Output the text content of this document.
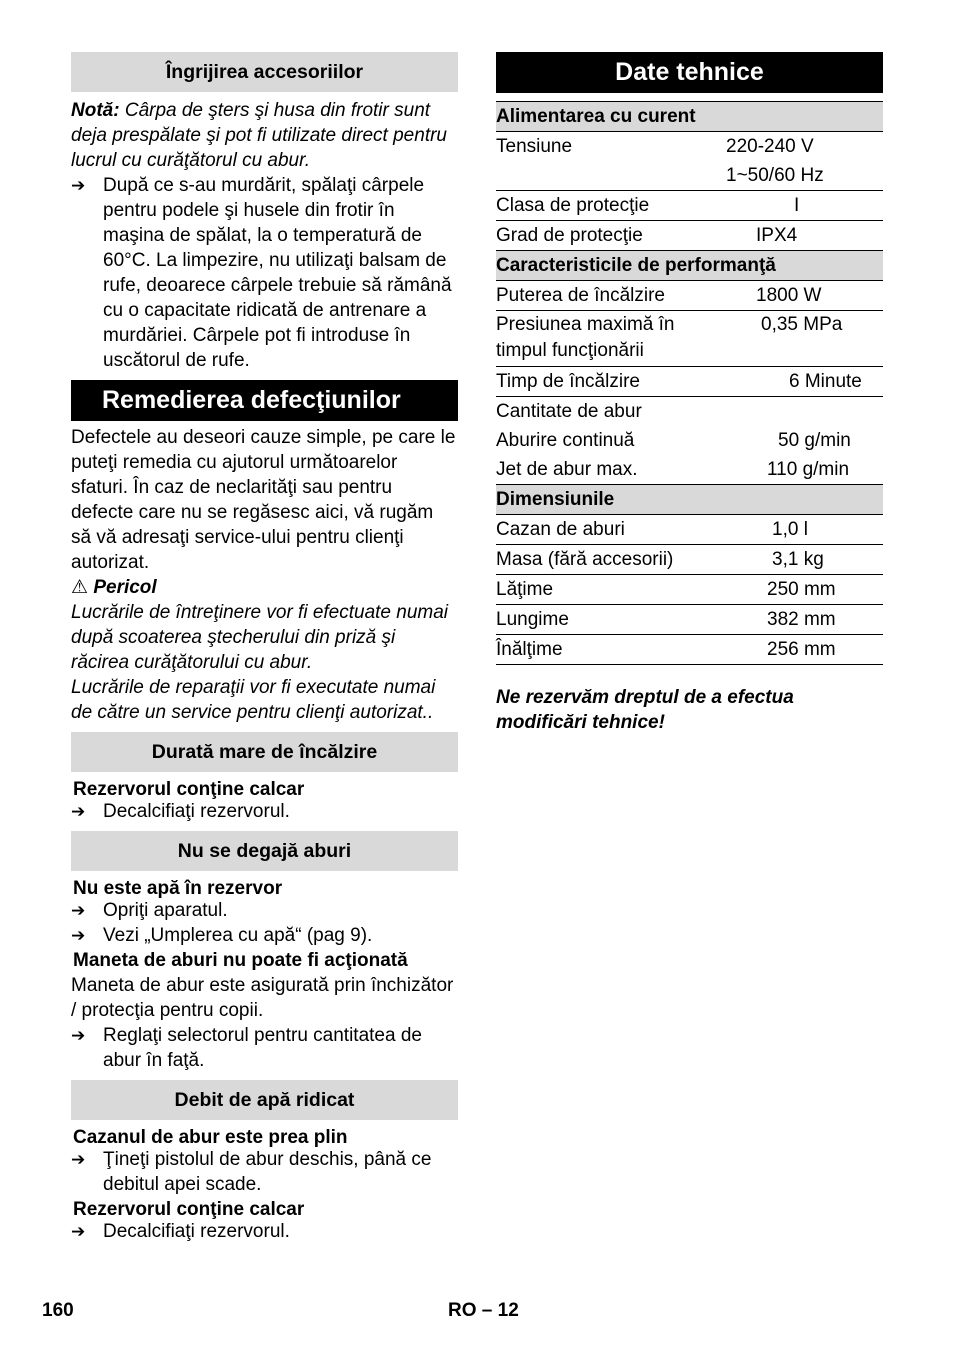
Îngrijirea accesoriilor

Notă: Cârpa de şters şi husa din frotir sunt deja prespălate şi pot fi utilizate direct pentru lucrul cu curăţătorul cu abur.

➔ După ce s-au murdărit, spălaţi cârpele pentru podele şi husele din frotir în maşina de spălat, la o temperatură de 60°C. La limpezire, nu utilizaţi balsam de rufe, deoarece cârpele trebuie să rămână cu o capacitate ridicată de antrenare a murdăriei. Cârpele pot fi introduse în uscătorul de rufe.
Remedierea defecţiunilor

Defectele au deseori cauze simple, pe care le puteţi remedia cu ajutorul următoarelor sfaturi. În caz de neclarităţi sau pentru defecte care nu se regăsesc aici, vă rugăm să vă adresaţi service-ului pentru clienţi autorizat.

⚠ Pericol

Lucrările de întreţinere vor fi efectuate numai după scoaterea ştecherului din priză şi răcirea curăţătorului cu abur.

Lucrările de reparaţii vor fi executate numai de către un service pentru clienţi autorizat..

Durată mare de încălzire

Rezervorul conţine calcar

➔ Decalcifiaţi rezervorul.
Nu se degajă aburi

Nu este apă în rezervor

➔ Opriţi aparatul.
➔ Vezi „Umplerea cu apă“ (pag 9).

Maneta de aburi nu poate fi acţionată

Maneta de abur este asigurată prin închizător / protecţia pentru copii.

➔ Reglaţi selectorul pentru cantitatea de abur în faţă.
Debit de apă ridicat

Cazanul de abur este prea plin

➔ Ţineţi pistolul de abur deschis, până ce debitul apei scade.

Rezervorul conţine calcar

➔ Decalcifiaţi rezervorul.
Date tehnice
Alimentarea cu curent	
Tensiune	220-240 V
	1~50/60 Hz
Clasa de protecţie	I
Grad de protecţie	IPX4
Caracteristicile de performanţă	
Puterea de încălzire	1800 W
Presiunea maximă în
timpul funcţionării	0,35 MPa
Timp de încălzire	6 Minute
Cantitate de abur	
Aburire continuă	50 g/min
Jet de abur max.	110 g/min
Dimensiunile	
Cazan de aburi	1,0 l
Masa (fără accesorii)	3,1 kg
Lăţime	250 mm
Lungime	382 mm
Înălţime	256 mm

Ne rezervăm dreptul de a efectua modificări tehnice!

160	RO – 12
